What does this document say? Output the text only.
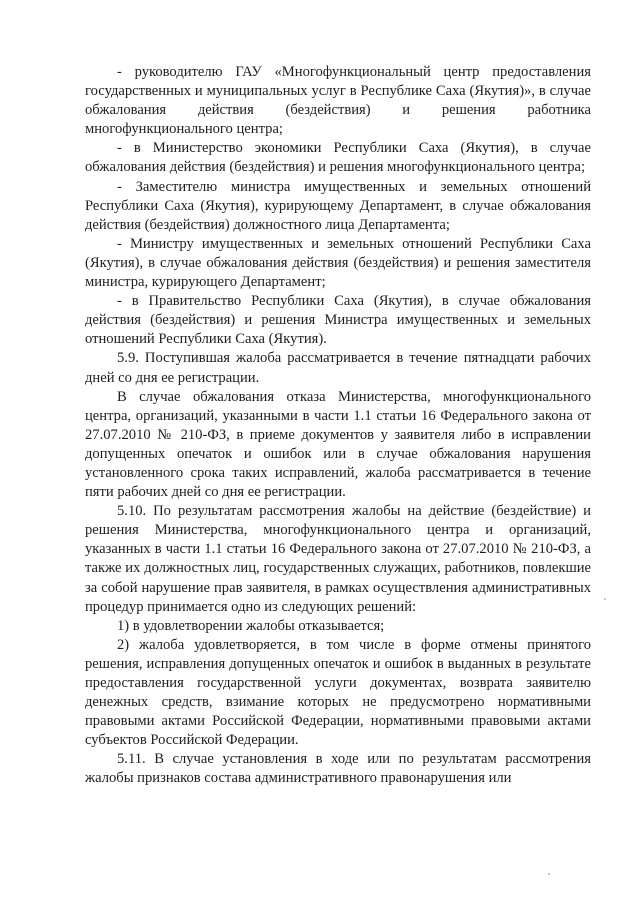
- руководителю ГАУ «Многофункциональный центр предоставления государственных и муниципальных услуг в Республике Саха (Якутия)», в случае обжалования действия (бездействия) и решения работника многофункционального центра;

- в Министерство экономики Республики Саха (Якутия), в случае обжалования действия (бездействия) и решения многофункционального центра;

- Заместителю министра имущественных и земельных отношений Республики Саха (Якутия), курирующему Департамент, в случае обжалования действия (бездействия) должностного лица Департамента;

- Министру имущественных и земельных отношений Республики Саха (Якутия), в случае обжалования действия (бездействия) и решения заместителя министра, курирующего Департамент;

- в Правительство Республики Саха (Якутия), в случае обжалования действия (бездействия) и решения Министра имущественных и земельных отношений Республики Саха (Якутия).

5.9. Поступившая жалоба рассматривается в течение пятнадцати рабочих дней со дня ее регистрации.

В случае обжалования отказа Министерства, многофункционального центра, организаций, указанными в части 1.1 статьи 16 Федерального закона от 27.07.2010 № 210-ФЗ, в приеме документов у заявителя либо в исправлении допущенных опечаток и ошибок или в случае обжалования нарушения установленного срока таких исправлений, жалоба рассматривается в течение пяти рабочих дней со дня ее регистрации.

5.10. По результатам рассмотрения жалобы на действие (бездействие) и решения Министерства, многофункционального центра и организаций, указанных в части 1.1 статьи 16 Федерального закона от 27.07.2010 № 210-ФЗ, а также их должностных лиц, государственных служащих, работников, повлекшие за собой нарушение прав заявителя, в рамках осуществления административных процедур принимается одно из следующих решений:

1) в удовлетворении жалобы отказывается;

2) жалоба удовлетворяется, в том числе в форме отмены принятого решения, исправления допущенных опечаток и ошибок в выданных в результате предоставления государственной услуги документах, возврата заявителю денежных средств, взимание которых не предусмотрено нормативными правовыми актами Российской Федерации, нормативными правовыми актами субъектов Российской Федерации.

5.11. В случае установления в ходе или по результатам рассмотрения жалобы признаков состава административного правонарушения или
